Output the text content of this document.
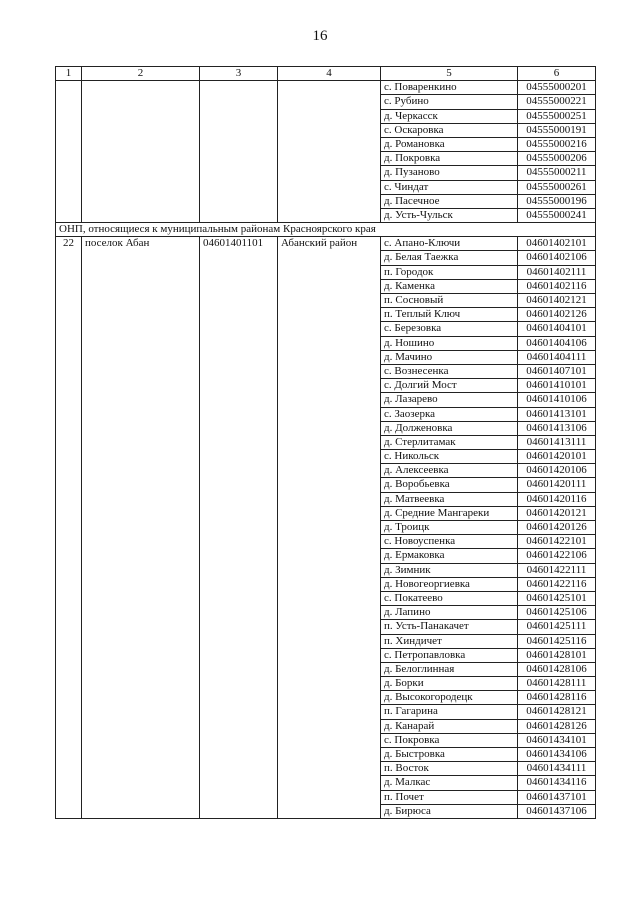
16
1	2	3	4	5	6
				с. Поваренкино	04555000201
				с. Рубино	04555000221
				д. Черкасск	04555000251
				с. Оскаровка	04555000191
				д. Романовка	04555000216
				д. Покровка	04555000206
				д. Пузаново	04555000211
				с. Чиндат	04555000261
				д. Пасечное	04555000196
				д. Усть-Чульск	04555000241
ОНП, относящиеся к муниципальным районам Красноярского края					
22	поселок Абан	04601401101	Абанский район	с. Апано-Ключи	04601402101
				д. Белая Таежка	04601402106
				п. Городок	04601402111
				д. Каменка	04601402116
				п. Сосновый	04601402121
				п. Теплый Ключ	04601402126
				с. Березовка	04601404101
				д. Ношино	04601404106
				д. Мачино	04601404111
				с. Вознесенка	04601407101
				с. Долгий Мост	04601410101
				д. Лазарево	04601410106
				с. Заозерка	04601413101
				д. Долженовка	04601413106
				д. Стерлитамак	04601413111
				с. Никольск	04601420101
				д. Алексеевка	04601420106
				д. Воробьевка	04601420111
				д. Матвеевка	04601420116
				д. Средние Мангареки	04601420121
				д. Троицк	04601420126
				с. Новоуспенка	04601422101
				д. Ермаковка	04601422106
				д. Зимник	04601422111
				д. Новогеоргиевка	04601422116
				с. Покатеево	04601425101
				д. Лапино	04601425106
				п. Усть-Панакачет	04601425111
				п. Хиндичет	04601425116
				с. Петропавловка	04601428101
				д. Белоглинная	04601428106
				д. Борки	04601428111
				д. Высокогородецк	04601428116
				п. Гагарина	04601428121
				д. Канарай	04601428126
				с. Покровка	04601434101
				д. Быстровка	04601434106
				п. Восток	04601434111
				д. Малкас	04601434116
				п. Почет	04601437101
				д. Бирюса	04601437106
